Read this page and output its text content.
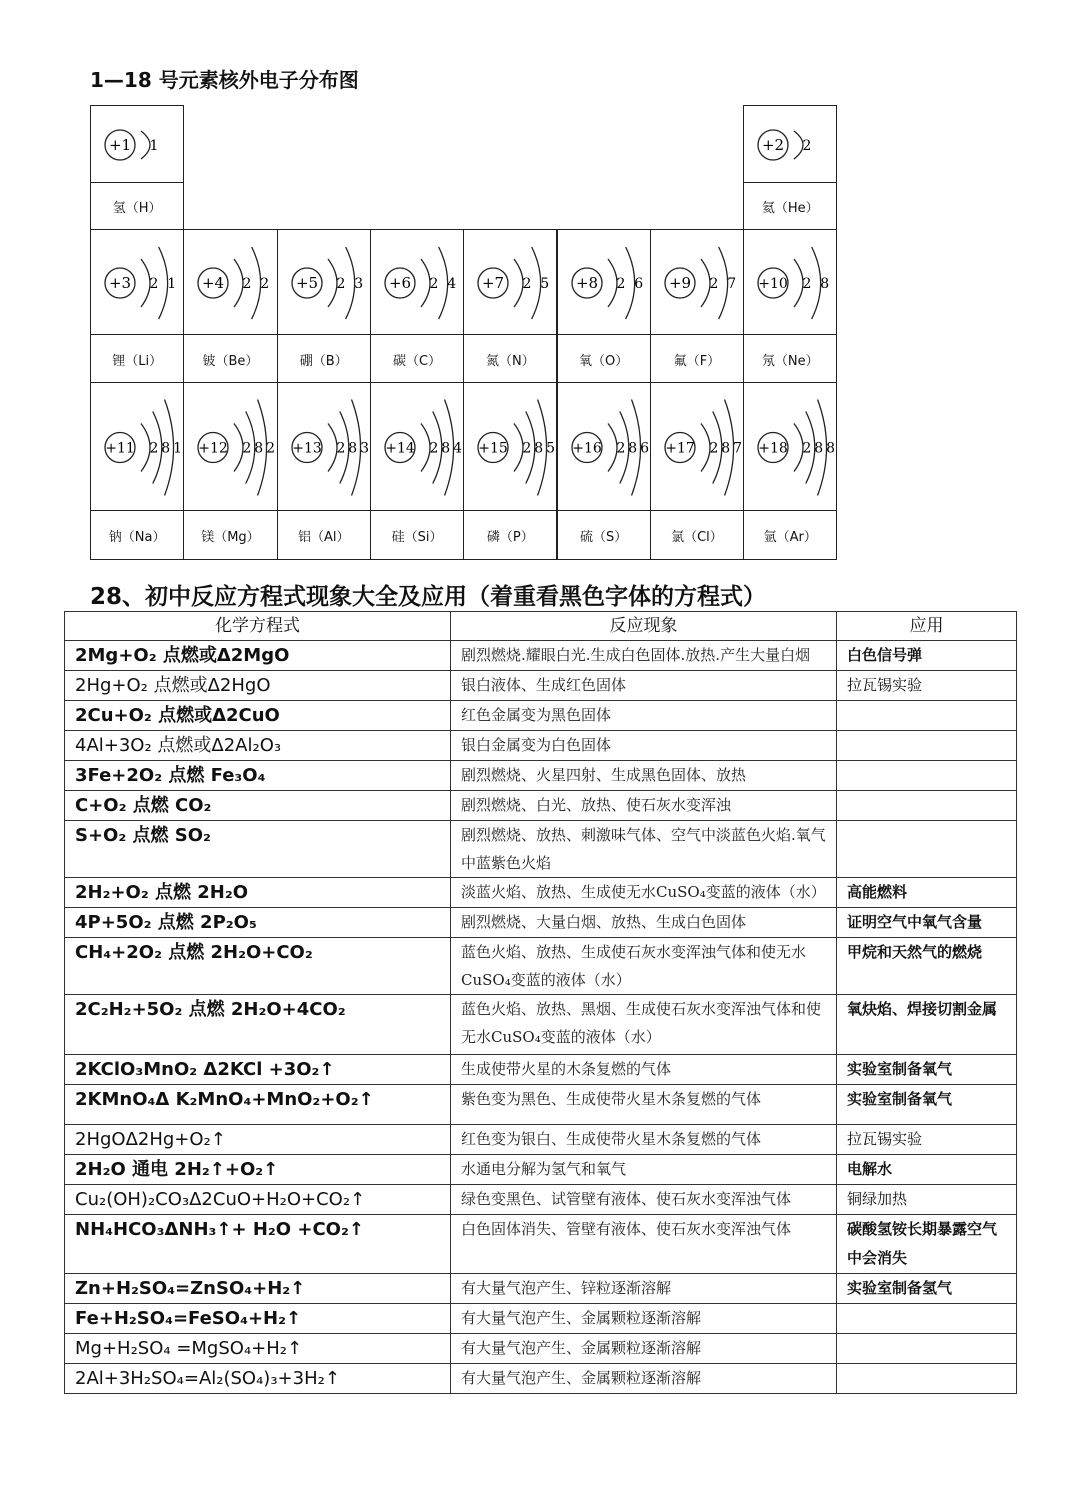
1—18 号元素核外电子分布图
+1 1
氢（H）
+2 2
氦（He）
+3 2 1
锂（Li）
+4 2 2
铍（Be）
+5 2 3
硼（B）
+6 2 4
碳（C）
+7 2 5
氮（N）
+8 2 6
氧（O）
+9 2 7
氟（F）
+10 2 8
氖（Ne）
+11 2 8 1
钠（Na）
+12 2 8 2
镁（Mg）
+13 2 8 3
铝（Al）
+14 2 8 4
硅（Si）
+15 2 8 5
磷（P）
+16 2 8 6
硫（S）
+17 2 8 7
氯（Cl）
+18 2 8 8
氩（Ar）
28、初中反应方程式现象大全及应用（着重看黑色字体的方程式）
化学方程式	反应现象	应用
2Mg+O₂ 点燃或Δ2MgO	剧烈燃烧.耀眼白光.生成白色固体.放热.产生大量白烟	白色信号弹
2Hg+O₂ 点燃或Δ2HgO	银白液体、生成红色固体	拉瓦锡实验
2Cu+O₂ 点燃或Δ2CuO	红色金属变为黑色固体	
4Al+3O₂ 点燃或Δ2Al₂O₃	银白金属变为白色固体	
3Fe+2O₂ 点燃 Fe₃O₄	剧烈燃烧、火星四射、生成黑色固体、放热	
C+O₂ 点燃 CO₂	剧烈燃烧、白光、放热、使石灰水变浑浊	
S+O₂ 点燃 SO₂	剧烈燃烧、放热、刺激味气体、空气中淡蓝色火焰.氧气中蓝紫色火焰	
2H₂+O₂ 点燃 2H₂O	淡蓝火焰、放热、生成使无水CuSO₄变蓝的液体（水）	高能燃料
4P+5O₂ 点燃 2P₂O₅	剧烈燃烧、大量白烟、放热、生成白色固体	证明空气中氧气含量
CH₄+2O₂ 点燃 2H₂O+CO₂	蓝色火焰、放热、生成使石灰水变浑浊气体和使无水CuSO₄变蓝的液体（水）	甲烷和天然气的燃烧
2C₂H₂+5O₂ 点燃 2H₂O+4CO₂	蓝色火焰、放热、黑烟、生成使石灰水变浑浊气体和使无水CuSO₄变蓝的液体（水）	氧炔焰、焊接切割金属
2KClO₃MnO₂ Δ2KCl +3O₂↑	生成使带火星的木条复燃的气体	实验室制备氧气
2KMnO₄Δ K₂MnO₄+MnO₂+O₂↑	紫色变为黑色、生成使带火星木条复燃的气体	实验室制备氧气
2HgOΔ2Hg+O₂↑	红色变为银白、生成使带火星木条复燃的气体	拉瓦锡实验
2H₂O 通电 2H₂↑+O₂↑	水通电分解为氢气和氧气	电解水
Cu₂(OH)₂CO₃Δ2CuO+H₂O+CO₂↑	绿色变黑色、试管壁有液体、使石灰水变浑浊气体	铜绿加热
NH₄HCO₃ΔNH₃↑+ H₂O +CO₂↑	白色固体消失、管壁有液体、使石灰水变浑浊气体	碳酸氢铵长期暴露空气中会消失
Zn+H₂SO₄=ZnSO₄+H₂↑	有大量气泡产生、锌粒逐渐溶解	实验室制备氢气
Fe+H₂SO₄=FeSO₄+H₂↑	有大量气泡产生、金属颗粒逐渐溶解	
Mg+H₂SO₄ =MgSO₄+H₂↑	有大量气泡产生、金属颗粒逐渐溶解	
2Al+3H₂SO₄=Al₂(SO₄)₃+3H₂↑	有大量气泡产生、金属颗粒逐渐溶解	
